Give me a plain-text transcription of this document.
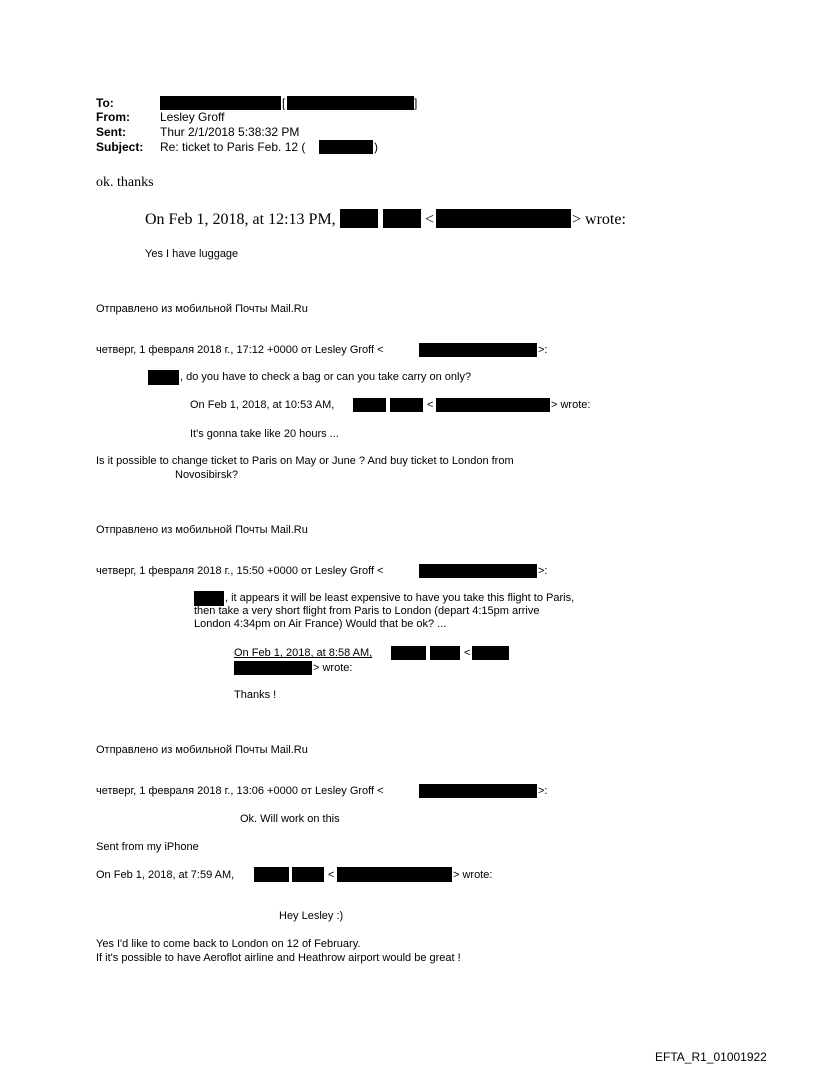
To:	[	]
From:	Lesley Groff
Sent:	Thur 2/1/2018 5:38:32 PM
Subject: Re: ticket to Paris Feb. 12 (	)
ok. thanks
On Feb 1, 2018, at 12:13 PM,	<	> wrote:
Yes I have luggage
Отправлено из мобильной Почты Mail.Ru
четверг, 1 февраля 2018 г., 17:12 +0000 от Lesley Groff <	>:
, do you have to check a bag or can you take carry on only?
On Feb 1, 2018, at 10:53 AM,	<	> wrote:
It's gonna take like 20 hours ...
Is it possible to change ticket to Paris on May or June ? And buy ticket to London from
Novosibirsk?
Отправлено из мобильной Почты Mail.Ru
четверг, 1 февраля 2018 г., 15:50 +0000 от Lesley Groff <	>:
, it appears it will be least expensive to have you take this flight to Paris,
then take a very short flight from Paris to London (depart 4:15pm arrive
London 4:34pm on Air France) Would that be ok? ...
On Feb 1, 2018, at 8:58 AM,	<
> wrote:
Thanks !
Отправлено из мобильной Почты Mail.Ru
четверг, 1 февраля 2018 г., 13:06 +0000 от Lesley Groff <	>:
Ok. Will work on this
Sent from my iPhone
On Feb 1, 2018, at 7:59 AM,	<	> wrote:
Hey Lesley :)
Yes I'd like to come back to London on 12 of February.
If it's possible to have Aeroflot airline and Heathrow airport would be great !
EFTA_R1_01001922
